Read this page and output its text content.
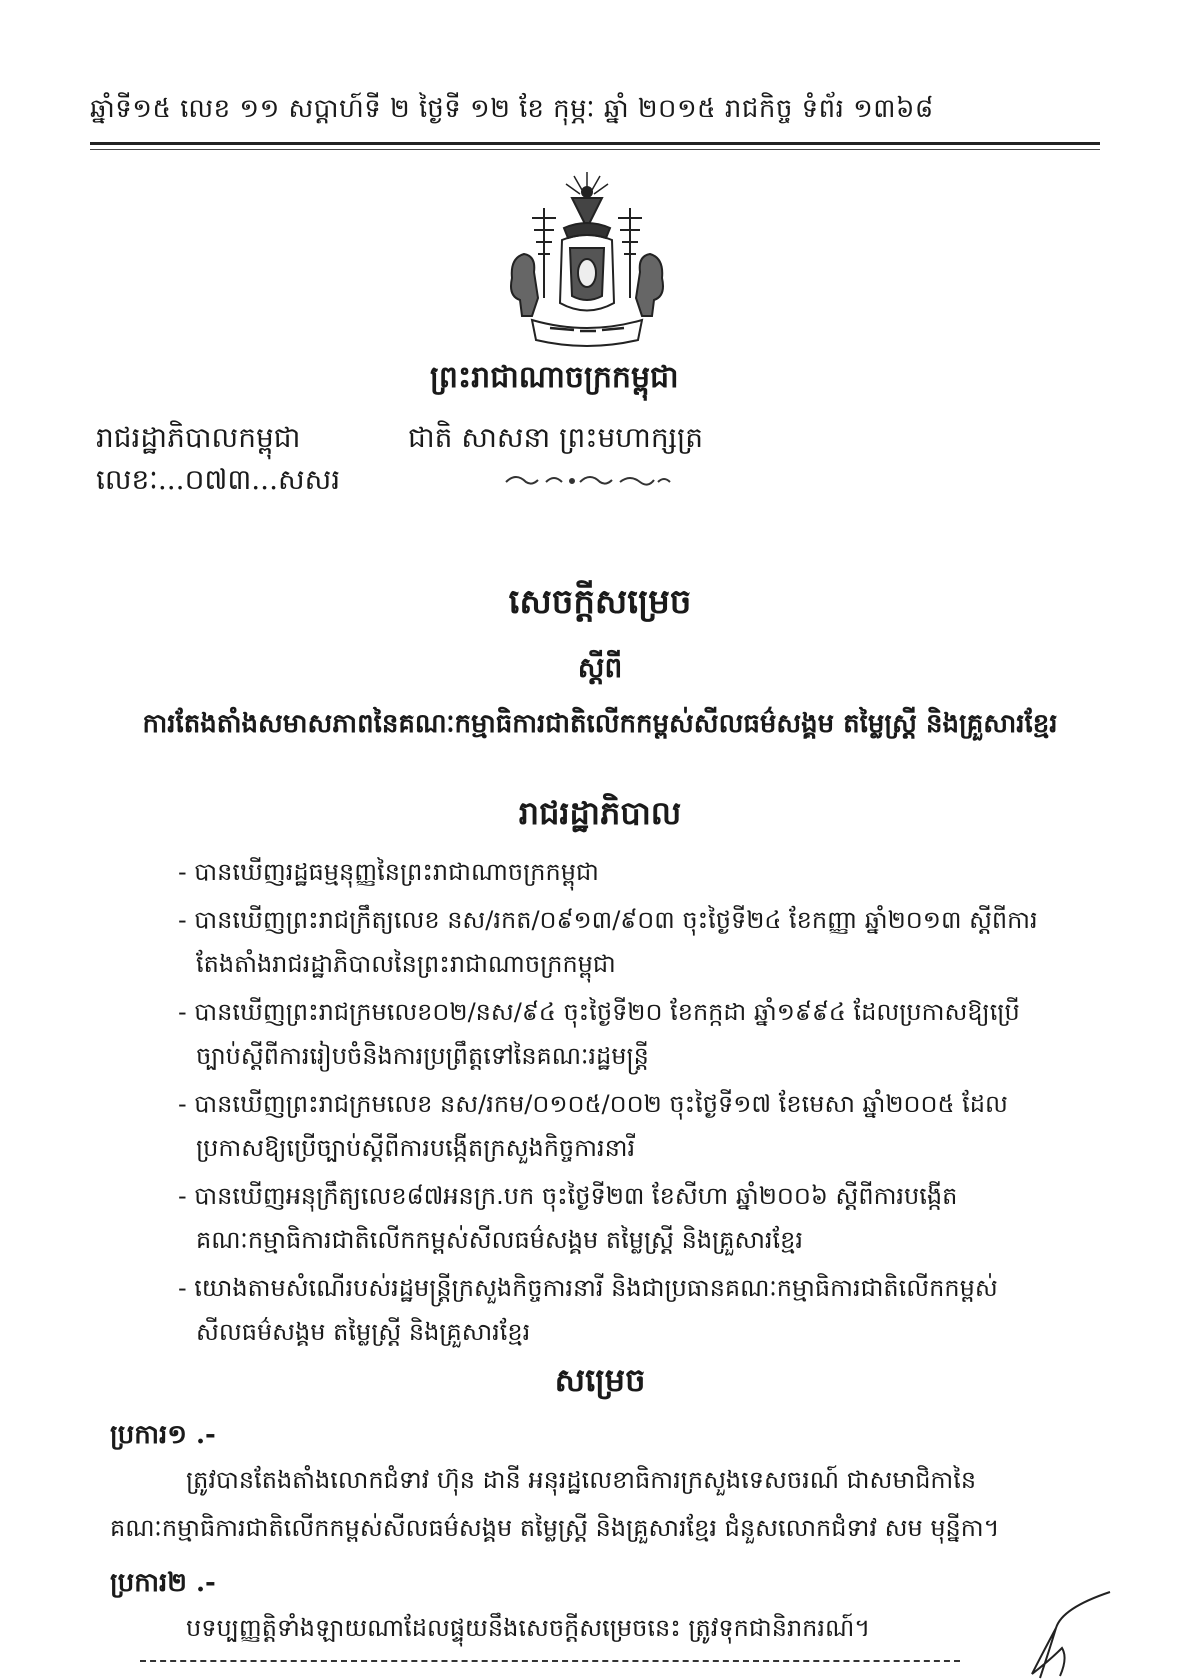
ឆ្នាំទី១៥ លេខ ១១ សប្តាហ៍ទី ២ ថ្ងៃទី ១២ ខែ កុម្ភៈ ឆ្នាំ ២០១៥ រាជកិច្ច ទំព័រ ១៣៦៨
ព្រះរាជាណាចក្រកម្ពុជា
រាជរដ្ឋាភិបាលកម្ពុជា	ជាតិ សាសនា ព្រះមហាក្សត្រ
លេខៈ...០៧៣...សសរ
សេចក្តីសម្រេច
ស្តីពី
ការតែងតាំងសមាសភាពនៃគណៈកម្មាធិការជាតិលើកកម្ពស់សីលធម៌សង្គម តម្លៃស្ត្រី និងគ្រួសារខ្មែរ
រាជរដ្ឋាភិបាល

- បានឃើញរដ្ឋធម្មនុញ្ញនៃព្រះរាជាណាចក្រកម្ពុជា

- បានឃើញព្រះរាជក្រឹត្យលេខ នស/រកត/០៩១៣/៩០៣ ចុះថ្ងៃទី២៤ ខែកញ្ញា ឆ្នាំ២០១៣ ស្តីពីការតែងតាំងរាជរដ្ឋាភិបាលនៃព្រះរាជាណាចក្រកម្ពុជា

- បានឃើញព្រះរាជក្រមលេខ០២/នស/៩៤ ចុះថ្ងៃទី២០ ខែកក្កដា ឆ្នាំ១៩៩៤ ដែលប្រកាសឱ្យប្រើច្បាប់ស្តីពីការរៀបចំនិងការប្រព្រឹត្តទៅនៃគណៈរដ្ឋមន្ត្រី

- បានឃើញព្រះរាជក្រមលេខ នស/រកម/០១០៥/០០២ ចុះថ្ងៃទី១៧ ខែមេសា ឆ្នាំ២០០៥ ដែលប្រកាសឱ្យប្រើច្បាប់ស្តីពីការបង្កើតក្រសួងកិច្ចការនារី

- បានឃើញអនុក្រឹត្យលេខ៨៧អនក្រ.បក ចុះថ្ងៃទី២៣ ខែសីហា ឆ្នាំ២០០៦ ស្តីពីការបង្កើតគណៈកម្មាធិការជាតិលើកកម្ពស់សីលធម៌សង្គម តម្លៃស្ត្រី និងគ្រួសារខ្មែរ

- យោងតាមសំណើរបស់រដ្ឋមន្ត្រីក្រសួងកិច្ចការនារី និងជាប្រធានគណៈកម្មាធិការជាតិលើកកម្ពស់សីលធម៌សង្គម តម្លៃស្ត្រី និងគ្រួសារខ្មែរ

សម្រេច
ប្រការ១ .-
ត្រូវបានតែងតាំងលោកជំទាវ ហ៊ុន ដានី អនុរដ្ឋលេខាធិការក្រសួងទេសចរណ៍ ជាសមាជិកានៃគណៈកម្មាធិការជាតិលើកកម្ពស់សីលធម៌សង្គម តម្លៃស្ត្រី និងគ្រួសារខ្មែរ ជំនួសលោកជំទាវ សម មុន្នីកា។
ប្រការ២ .-
បទប្បញ្ញត្តិទាំងឡាយណាដែលផ្ទុយនឹងសេចក្តីសម្រេចនេះ ត្រូវទុកជានិរាករណ៍។
